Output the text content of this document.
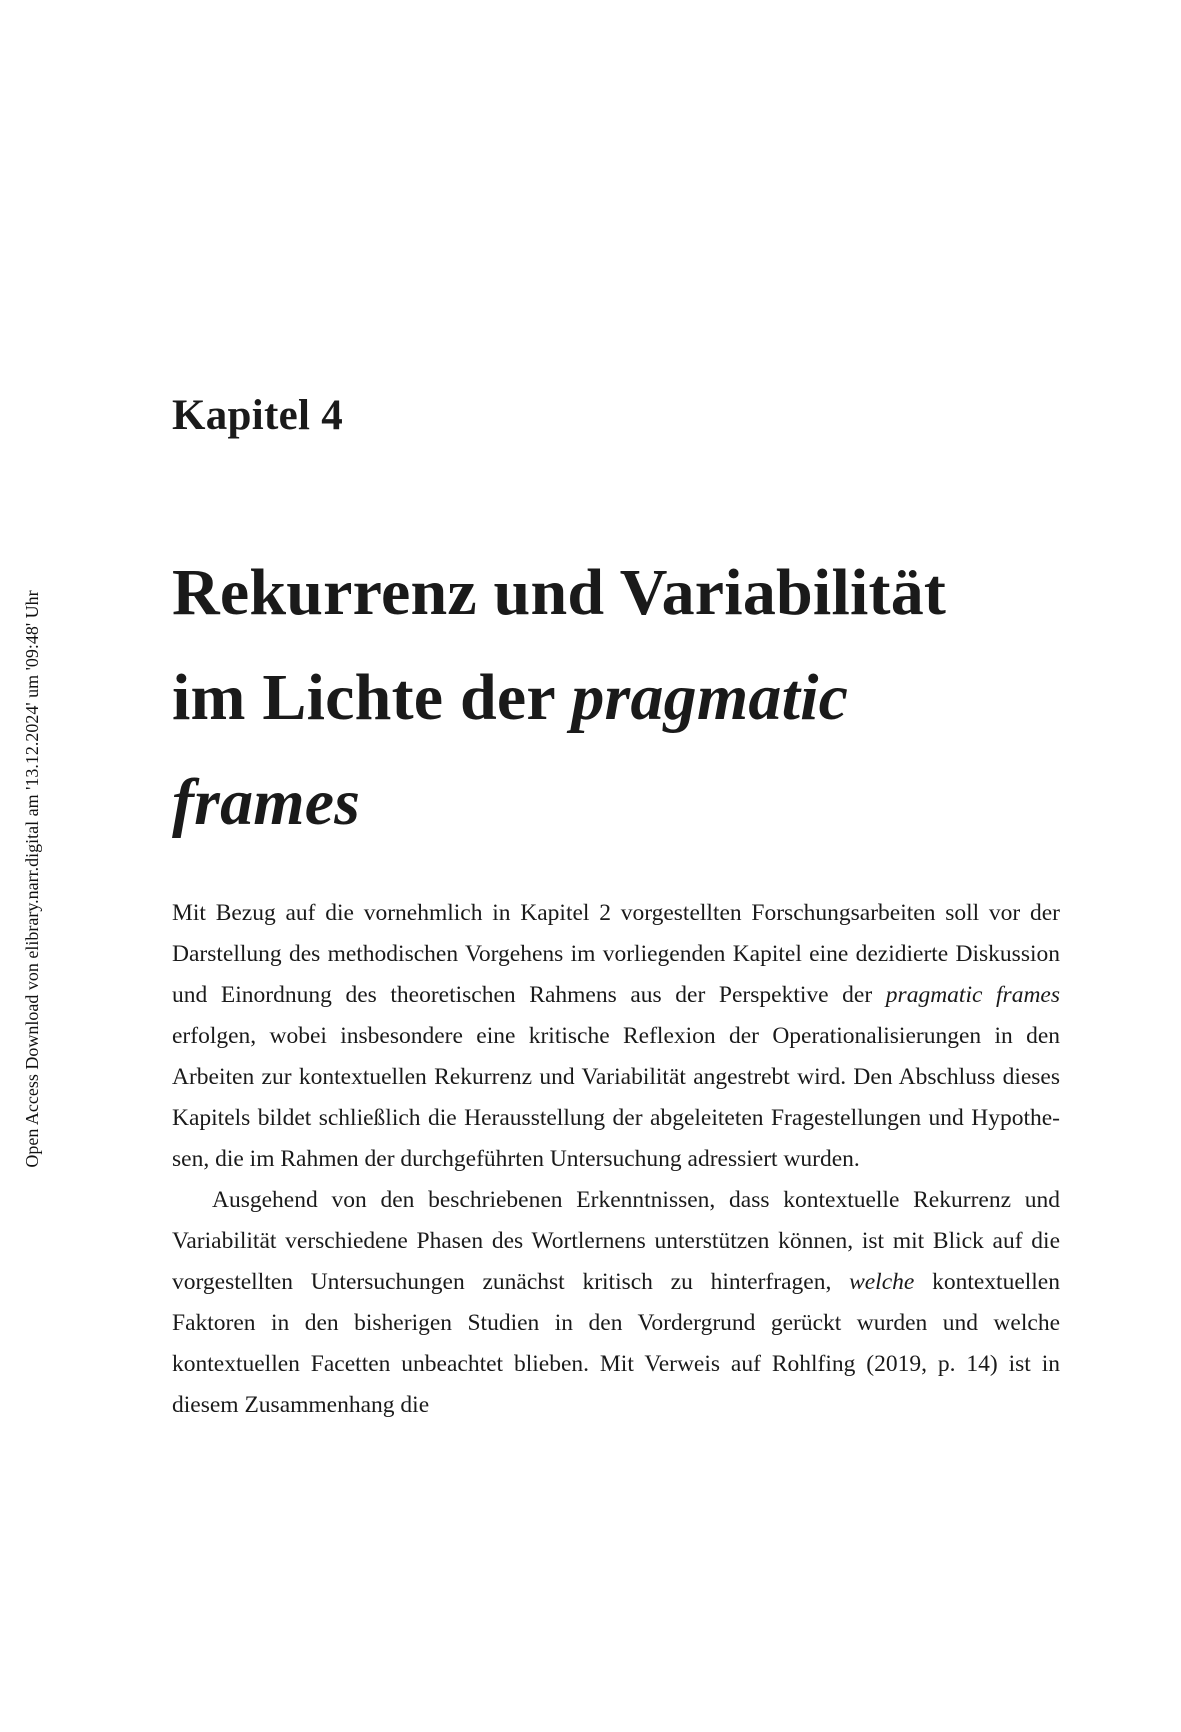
Open Access Download von elibrary.narr.digital am '13.12.2024' um '09:48' Uhr
Kapitel 4
Rekurrenz und Variabilität
im Lichte der pragmatic
frames

Mit Bezug auf die vornehmlich in Kapitel 2 vorgestellten Forschungsarbeiten soll vor der Darstellung des methodischen Vorgehens im vorliegenden Kapitel eine dezidierte Diskussion und Einordnung des theoretischen Rahmens aus der Perspektive der pragmatic frames erfolgen, wobei insbesondere eine kritische Reflexion der Operationalisierungen in den Arbeiten zur kontextuellen Rekurrenz und Variabilität angestrebt wird. Den Abschluss dieses Kapitels bildet schließlich die Herausstellung der abgeleiteten Fragestellungen und Hypothesen, die im Rahmen der durchgeführten Untersuchung adressiert wurden.

Ausgehend von den beschriebenen Erkenntnissen, dass kontextuelle Rekurrenz und Variabilität verschiedene Phasen des Wortlernens unterstützen können, ist mit Blick auf die vorgestellten Untersuchungen zunächst kritisch zu hinterfragen, welche kontextuellen Faktoren in den bisherigen Studien in den Vordergrund gerückt wurden und welche kontextuellen Facetten unbeachtet blieben. Mit Verweis auf Rohlfing (2019, p. 14) ist in diesem Zusammenhang die
